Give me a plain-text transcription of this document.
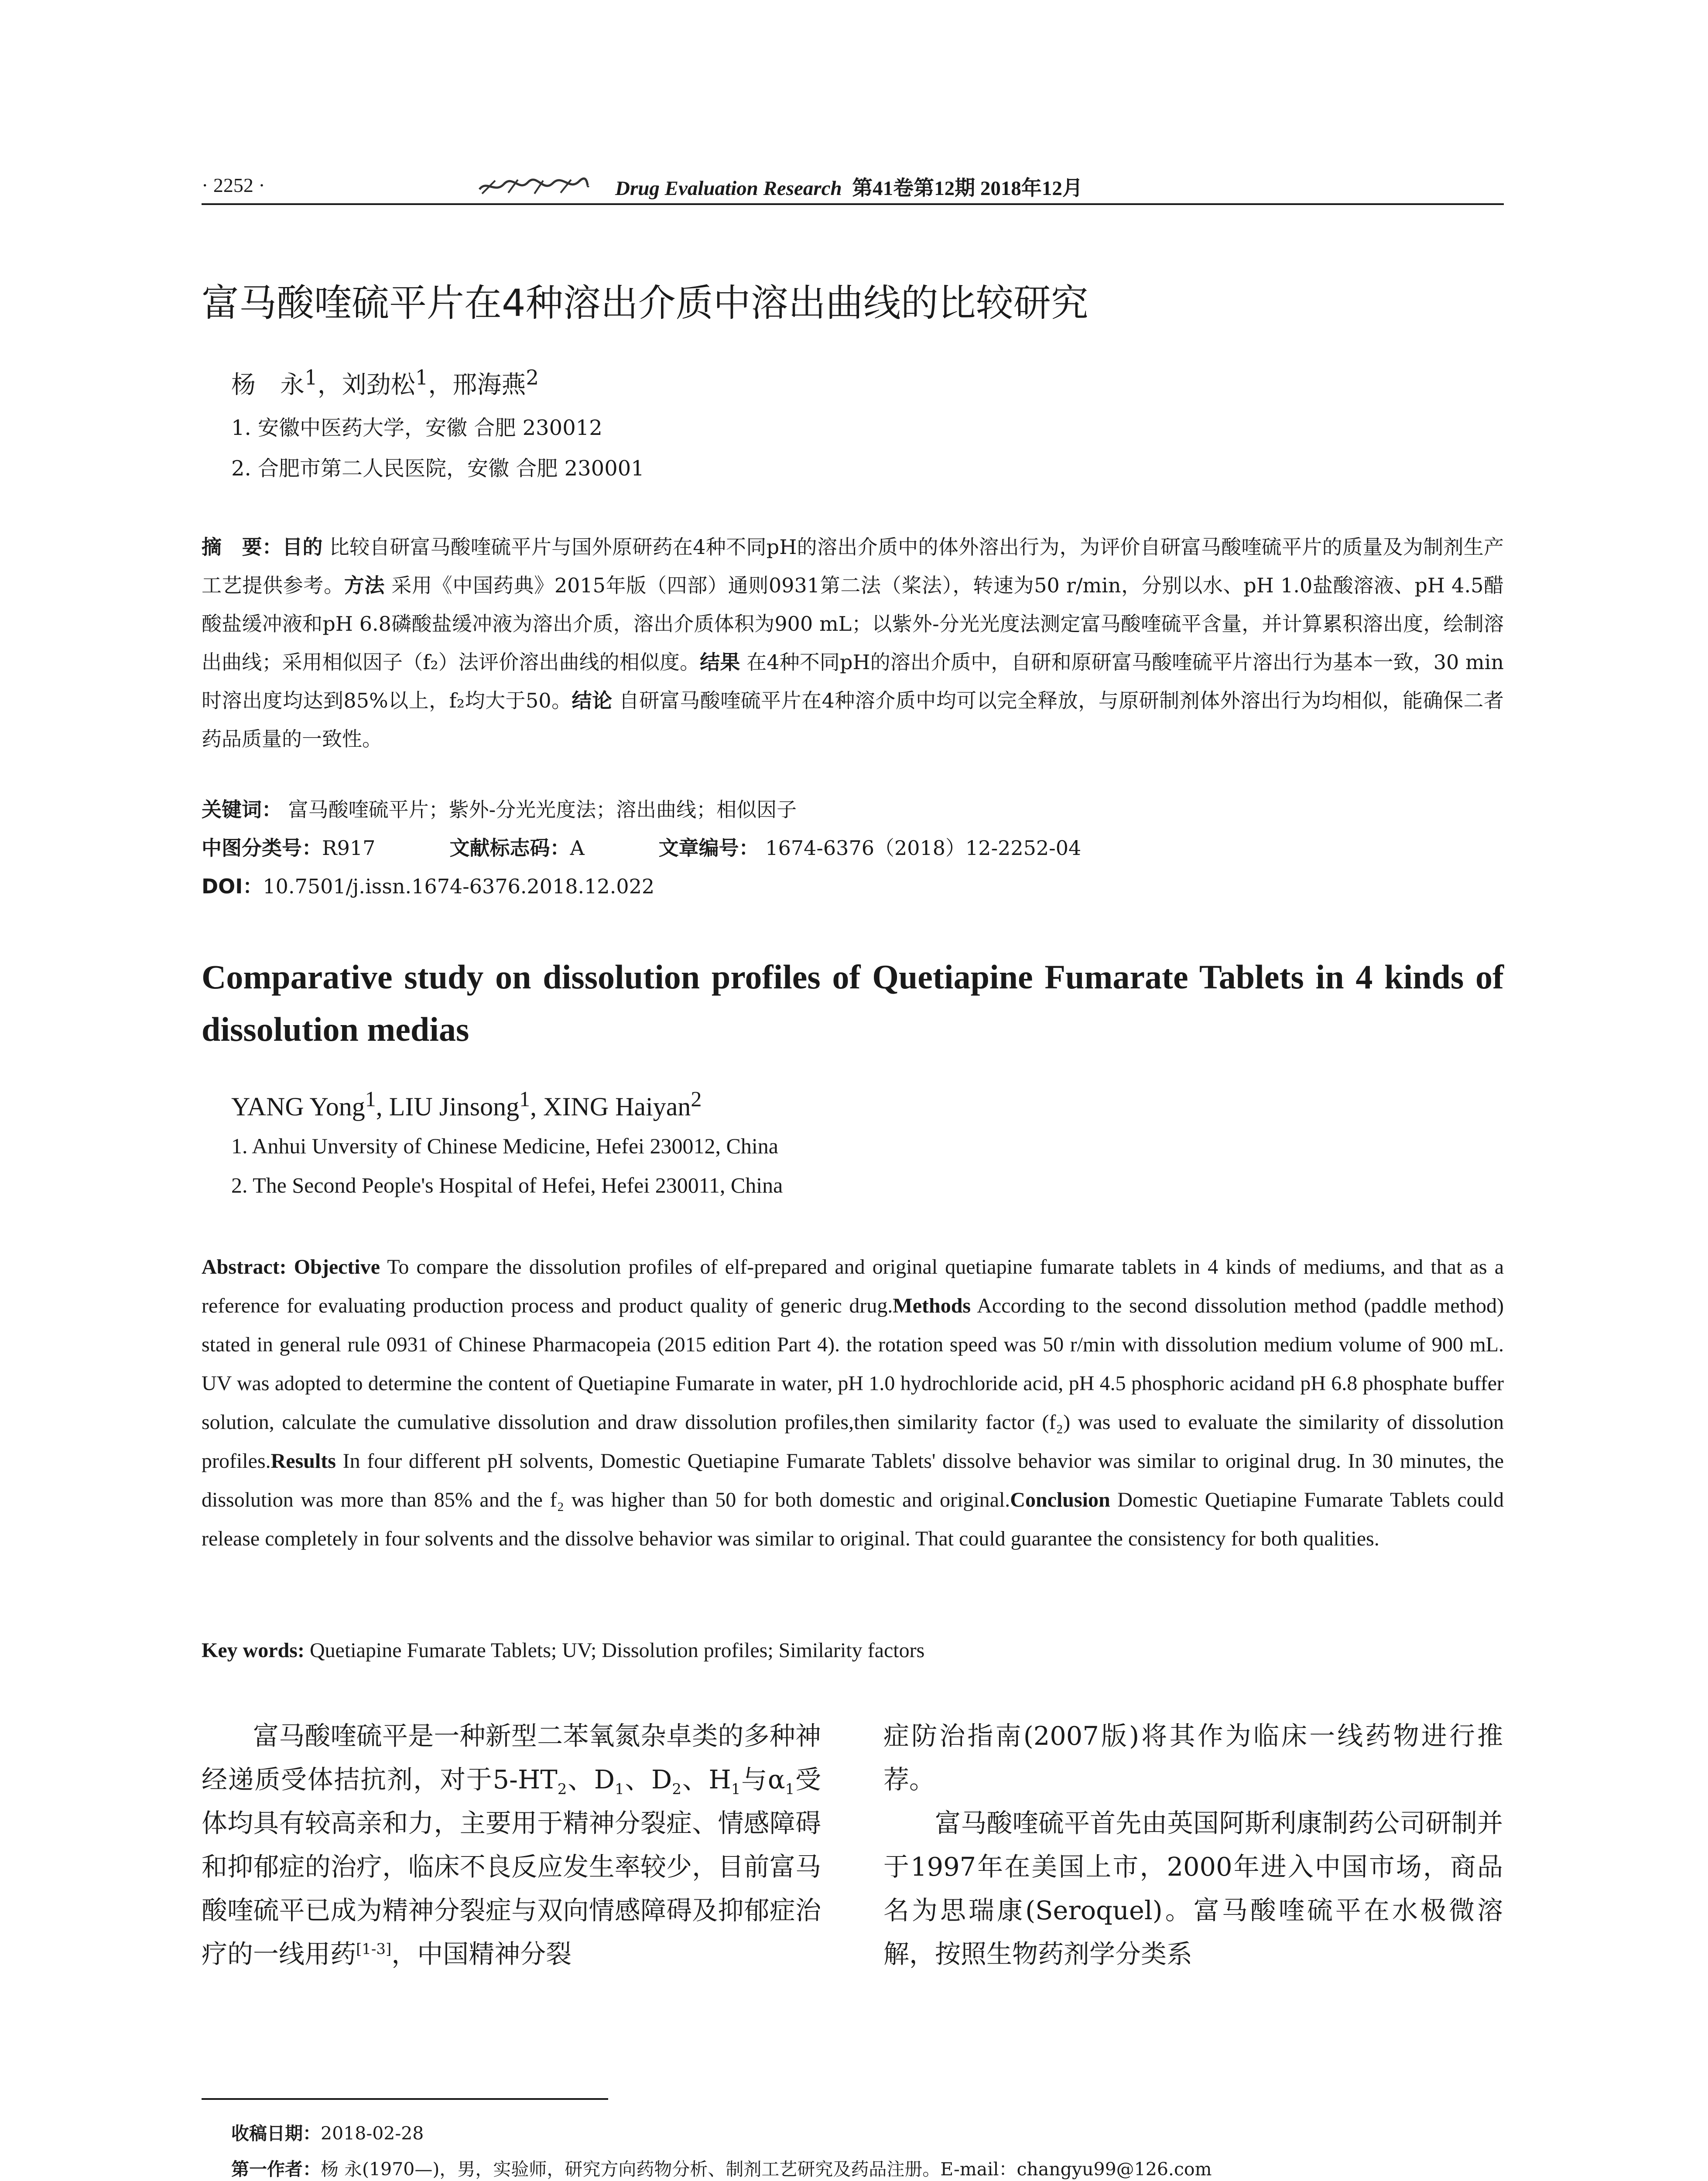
· 2252 ·	Drug Evaluation Research 第41卷第12期 2018年12月
富马酸喹硫平片在4种溶出介质中溶出曲线的比较研究
杨　永$^1$，刘劲松$^1$，邢海燕$^2$
1. 安徽中医药大学，安徽 合肥 230012
2. 合肥市第二人民医院，安徽 合肥 230001
摘　要：目的 比较自研富马酸喹硫平片与国外原研药在4种不同pH的溶出介质中的体外溶出行为，为评价自研富马酸喹硫平片的质量及为制剂生产工艺提供参考。方法 采用《中国药典》2015年版（四部）通则0931第二法（桨法），转速为50 r/min，分别以水、pH 1.0盐酸溶液、pH 4.5醋酸盐缓冲液和pH 6.8磷酸盐缓冲液为溶出介质，溶出介质体积为900 mL；以紫外-分光光度法测定富马酸喹硫平含量，并计算累积溶出度，绘制溶出曲线；采用相似因子（f₂）法评价溶出曲线的相似度。结果 在4种不同pH的溶出介质中，自研和原研富马酸喹硫平片溶出行为基本一致，30 min时溶出度均达到85%以上，f₂均大于50。结论 自研富马酸喹硫平片在4种溶介质中均可以完全释放，与原研制剂体外溶出行为均相似，能确保二者药品质量的一致性。
关键词： 富马酸喹硫平片；紫外-分光光度法；溶出曲线；相似因子
中图分类号：R917	文献标志码：A	文章编号： 1674-6376（2018）12-2252-04
DOI：10.7501/j.issn.1674-6376.2018.12.022
Comparative study on dissolution profiles of Quetiapine Fumarate Tablets in 4 kinds of dissolution medias
YANG Yong$^1$, LIU Jinsong$^1$, XING Haiyan$^2$
1. Anhui Unversity of Chinese Medicine, Hefei 230012, China
2. The Second People's Hospital of Hefei, Hefei 230011, China
Abstract: Objective To compare the dissolution profiles of elf-prepared and original quetiapine fumarate tablets in 4 kinds of mediums, and that as a reference for evaluating production process and product quality of generic drug.Methods According to the second dissolution method (paddle method) stated in general rule 0931 of Chinese Pharmacopeia (2015 edition Part 4). the rotation speed was 50 r/min with dissolution medium volume of 900 mL. UV was adopted to determine the content of Quetiapine Fumarate in water, pH 1.0 hydrochloride acid, pH 4.5 phosphoric acidand pH 6.8 phosphate buffer solution, calculate the cumulative dissolution and draw dissolution profiles,then similarity factor (f₂) was used to evaluate the similarity of dissolution profiles.Results In four different pH solvents, Domestic Quetiapine Fumarate Tablets' dissolve behavior was similar to original drug. In 30 minutes, the dissolution was more than 85% and the f₂ was higher than 50 for both domestic and original.Conclusion Domestic Quetiapine Fumarate Tablets could release completely in four solvents and the dissolve behavior was similar to original. That could guarantee the consistency for both qualities.
Key words: Quetiapine Fumarate Tablets; UV; Dissolution profiles; Similarity factors

富马酸喹硫平是一种新型二苯氧氮杂卓类的多种神经递质受体拮抗剂，对于$5-HT_2$、$D_1$、$D_2$、$H_1$与$\alpha_1$受体均具有较高亲和力，主要用于精神分裂症、情感障碍和抑郁症的治疗，临床不良反应发生率较少，目前富马酸喹硫平已成为精神分裂症与双向情感障碍及抑郁症治疗的一线用药[1-3]，中国精神分裂

症防治指南(2007版)将其作为临床一线药物进行推荐。

富马酸喹硫平首先由英国阿斯利康制药公司研制并于1997年在美国上市，2000年进入中国市场，商品名为思瑞康(Seroquel)。富马酸喹硫平在水极微溶解，按照生物药剂学分类系

收稿日期：2018-02-28
第一作者：杨 永(1970—)，男，实验师，研究方向药物分析、制剂工艺研究及药品注册。E-mail：changyu99@126.com
